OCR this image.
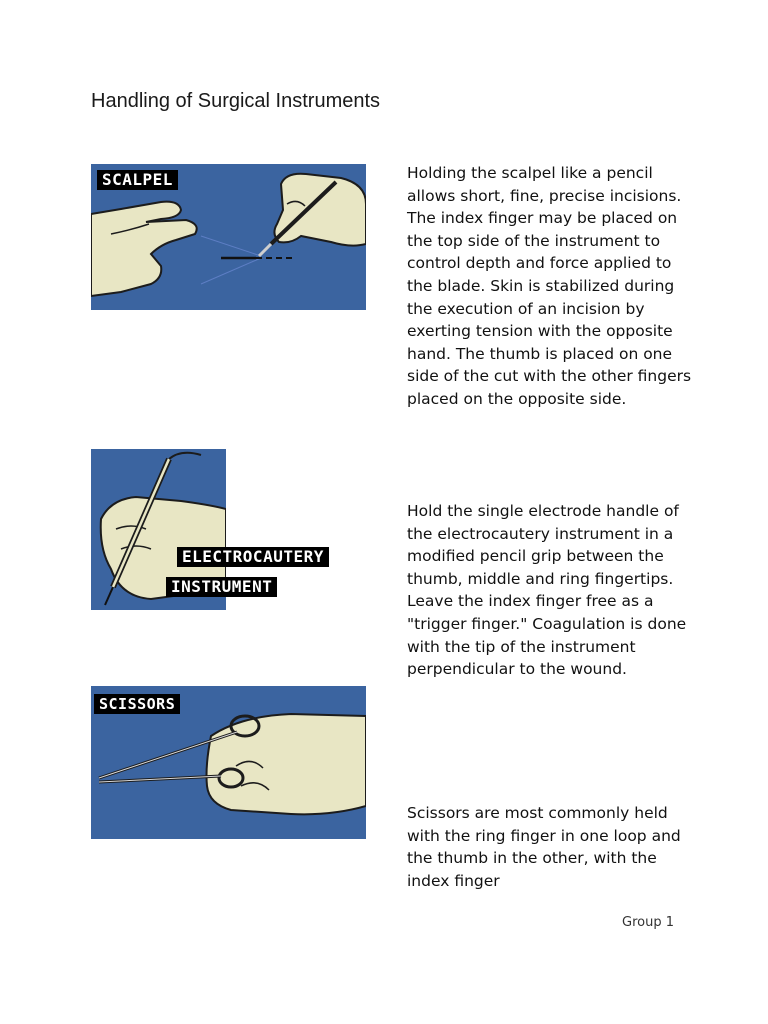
Handling of Surgical Instruments
SCALPEL
ELECTROCAUTERY
INSTRUMENT
SCISSORS
Holding the scalpel like a pencil allows short, fine, precise incisions. The index finger may be placed on the top side of the instrument to control depth and force applied to the blade. Skin is stabilized during the execution of an incision by exerting tension with the opposite hand. The thumb is placed on one side of the cut with the other fingers placed on the opposite side.
Hold the single electrode handle of the electrocautery instrument in a modified pencil grip between the thumb, middle and ring fingertips. Leave the index finger free as a "trigger finger." Coagulation is done with the tip of the instrument perpendicular to the wound.
Scissors are most commonly held with the ring finger in one loop and the thumb in the other, with the index finger
Group 1
